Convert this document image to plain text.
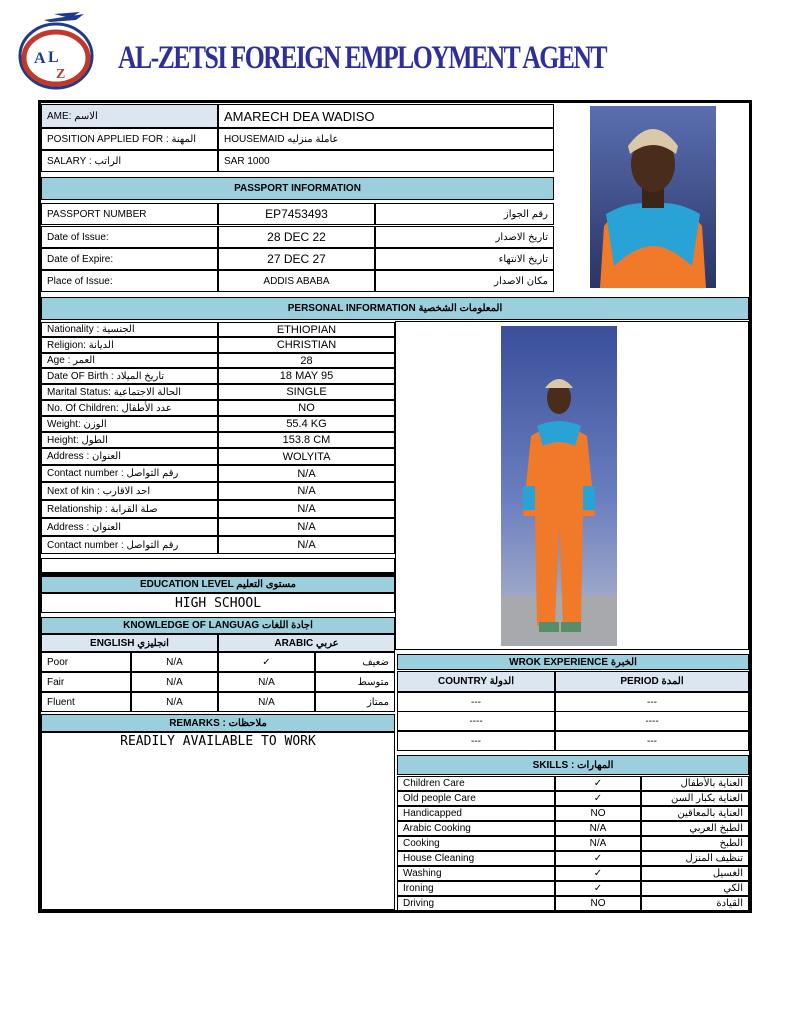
A L
Z AL-ZETSI FOREIGN EMPLOYMENT AGENT
AME: الاسم	AMARECH DEA WADISO
POSITION APPLIED FOR : المهنة	HOUSEMAID عاملة منزليه
SALARY : الراتب	SAR 1000
PASSPORT INFORMATION
PASSPORT NUMBER	EP7453493	رقم الجواز
Date of Issue:	28 DEC 22	تاريخ الاصدار
Date of Expire:	27 DEC 27	تاريخ الانتهاء
Place of Issue:	ADDIS ABABA	مكان الاصدار
PERSONAL INFORMATION المعلومات الشخصية
Nationality : الجنسية	ETHIOPIAN
Religion: الديانة	CHRISTIAN
Age : العمر	28
Date OF Birth : تاريخ الميلاد	18 MAY 95
Marital Status: الحالة الاجتماعية	SINGLE
No. Of Children: عدد الأطفال	NO
Weight: الوزن	55.4 KG
Height: الطول	153.8 CM
Address : العنوان	WOLYITA
Contact number : رقم التواصل	N/A
Next of kin : احد الاقارب	N/A
Relationship : صلة القرابة	N/A
Address : العنوان	N/A
Contact number : رقم التواصل	N/A
EDUCATION LEVEL مستوى التعليم
HIGH SCHOOL
KNOWLEDGE OF LANGUAG اجادة اللغات
ENGLISH انجليزي	ARABIC عربي
Poor	N/A	✓	ضعيف
Fair	N/A	N/A	متوسط
Fluent	N/A	N/A	ممتاز
REMARKS : ملاحظات
READILY AVAILABLE TO WORK
WROK EXPERIENCE الخبرة
COUNTRY الدولة	PERIOD المدة
---	---
----	----
---	---
SKILLS : المهارات
Children Care	✓	العناية بالأطفال
Old people Care	✓	العناية بكبار السن
Handicapped	NO	العناية بالمعاقين
Arabic Cooking	N/A	الطبخ العربي
Cooking	N/A	الطبخ
House Cleaning	✓	تنظيف المنزل
Washing	✓	الغسيل
Ironing	✓	الكي
Driving	NO	القيادة
